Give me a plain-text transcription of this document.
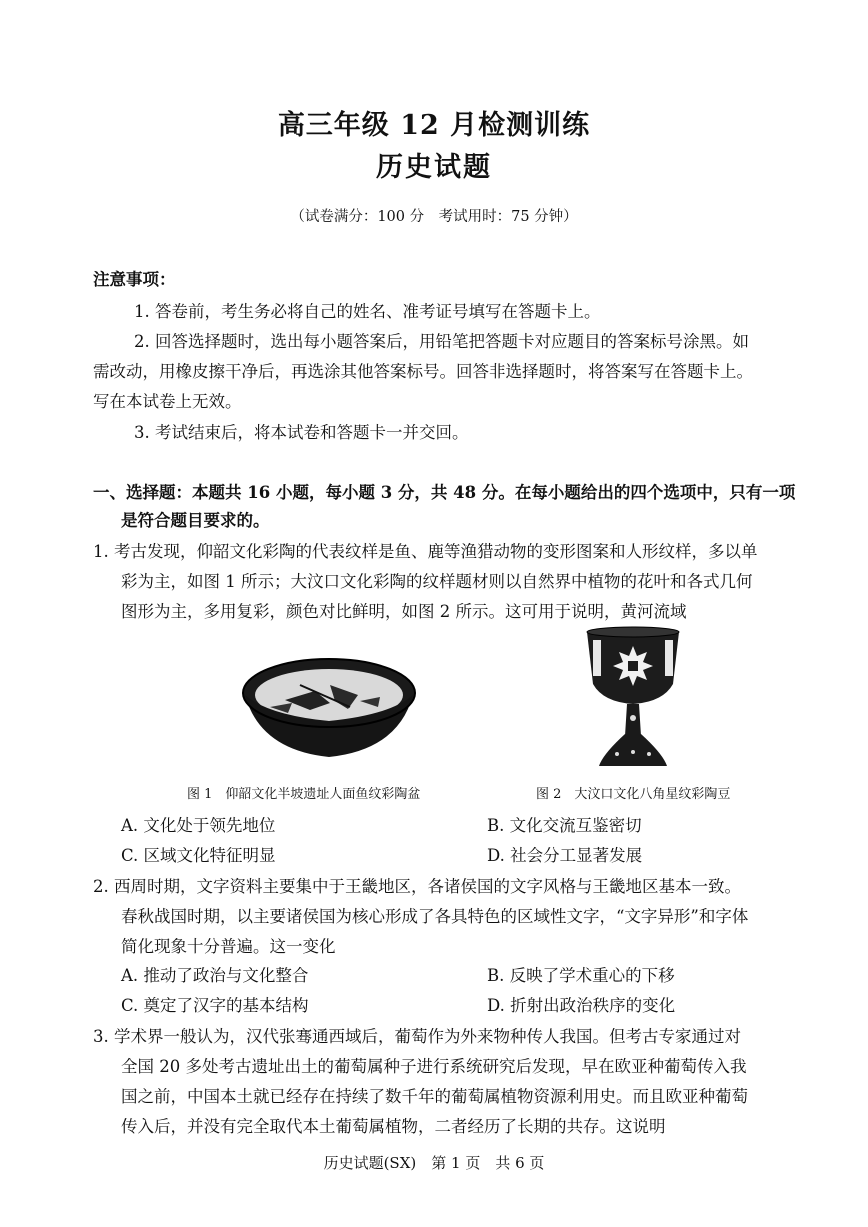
高三年级 12 月检测训练
历史试题
（试卷满分：100 分　考试用时：75 分钟）
注意事项：
1. 答卷前，考生务必将自己的姓名、准考证号填写在答题卡上。
2. 回答选择题时，选出每小题答案后，用铅笔把答题卡对应题目的答案标号涂黑。如
需改动，用橡皮擦干净后，再选涂其他答案标号。回答非选择题时，将答案写在答题卡上。
写在本试卷上无效。
3. 考试结束后，将本试卷和答题卡一并交回。
一、选择题：本题共 16 小题，每小题 3 分，共 48 分。在每小题给出的四个选项中，只有一项
是符合题目要求的。
1. 考古发现，仰韶文化彩陶的代表纹样是鱼、鹿等渔猎动物的变形图案和人形纹样，多以单
彩为主，如图 1 所示；大汶口文化彩陶的纹样题材则以自然界中植物的花叶和各式几何
图形为主，多用复彩，颜色对比鲜明，如图 2 所示。这可用于说明，黄河流域
图 1　仰韶文化半坡遗址人面鱼纹彩陶盆	图 2　大汶口文化八角星纹彩陶豆
A. 文化处于领先地位	B. 文化交流互鉴密切
C. 区域文化特征明显	D. 社会分工显著发展
2. 西周时期，文字资料主要集中于王畿地区，各诸侯国的文字风格与王畿地区基本一致。
春秋战国时期，以主要诸侯国为核心形成了各具特色的区域性文字，“文字异形”和字体
简化现象十分普遍。这一变化
A. 推动了政治与文化整合	B. 反映了学术重心的下移
C. 奠定了汉字的基本结构	D. 折射出政治秩序的变化
3. 学术界一般认为，汉代张骞通西域后，葡萄作为外来物种传人我国。但考古专家通过对
全国 20 多处考古遗址出土的葡萄属种子进行系统研究后发现，早在欧亚种葡萄传入我
国之前，中国本土就已经存在持续了数千年的葡萄属植物资源利用史。而且欧亚种葡萄
传入后，并没有完全取代本土葡萄属植物，二者经历了长期的共存。这说明
历史试题(SX)　第 1 页　共 6 页
